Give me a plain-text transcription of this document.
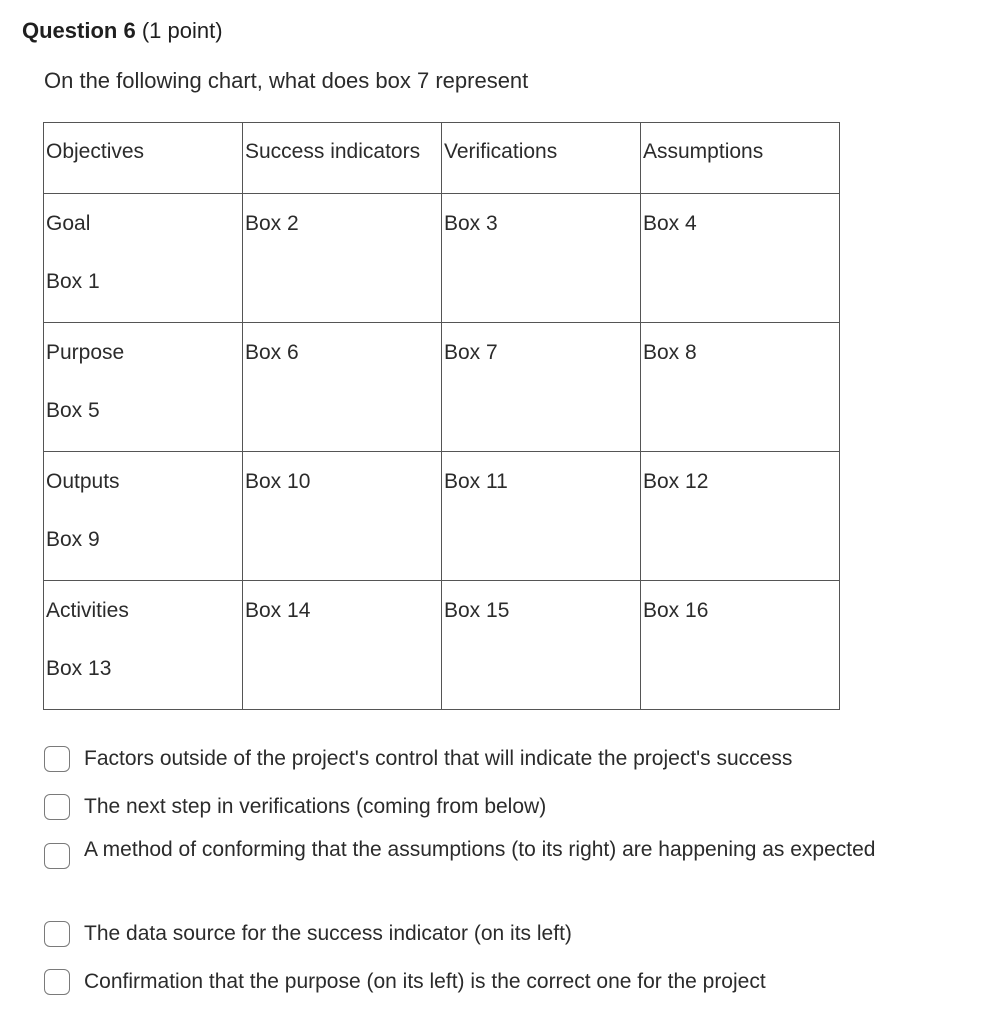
Question 6 (1 point)
On the following chart, what does box 7 represent
Objectives	Success indicators	Verifications	Assumptions

Goal
Box 1	Box 2	Box 3	Box 4

Purpose
Box 5	Box 6	Box 7	Box 8

Outputs
Box 9	Box 10	Box 11	Box 12

Activities
Box 13	Box 14	Box 15	Box 16
Factors outside of the project's control that will indicate the project's success
The next step in verifications (coming from below)
A method of conforming that the assumptions (to its right) are happening as expected
The data source for the success indicator (on its left)
Confirmation that the purpose (on its left) is the correct one for the project
